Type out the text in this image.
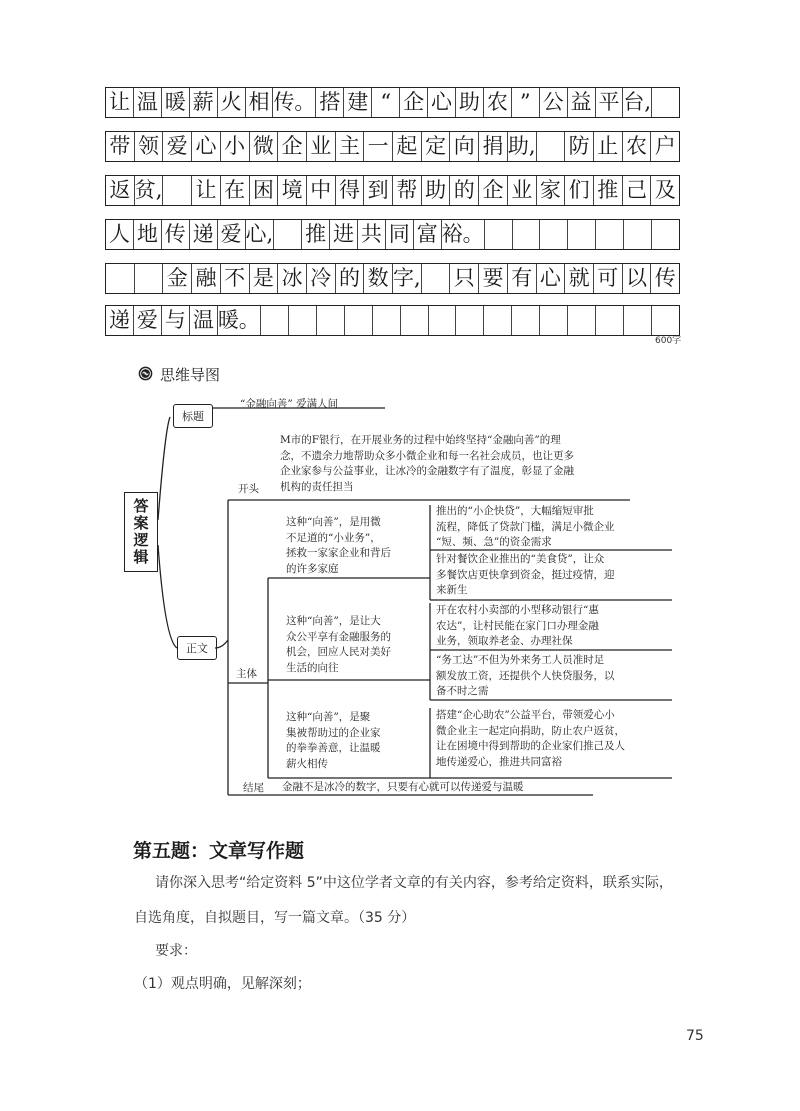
让 温 暖 薪 火 相 传。 搭 建 “ 企 心 助 农 ” 公 益 平 台,
带 领 爱 心 小 微 企 业 主 一 起 定 向 捐 助, 防 止 农 户
返 贫, 让 在 困 境 中 得 到 帮 助 的 企 业 家 们 推 己 及
人 地 传 递 爱 心, 推 进 共 同 富 裕。
金 融 不 是 冰 冷 的 数 字, 只 要 有 心 就 可 以 传
递 爱 与 温 暖。
600字
思维导图
答案逻辑
标题
“金融向善” 爱满人间
正文
开头
M市的F银行，在开展业务的过程中始终坚持“金融向善”的理
念，不遗余力地帮助众多小微企业和每一名社会成员，也让更多
企业家参与公益事业，让冰冷的金融数字有了温度，彰显了金融
机构的责任担当
主体
这种“向善”，是用微
不足道的“小业务”，
拯救一家家企业和背后
的许多家庭
推出的“小企快贷”，大幅缩短审批
流程，降低了贷款门槛，满足小微企业
“短、频、急”的资金需求
针对餐饮企业推出的“美食贷”，让众
多餐饮店更快拿到资金，挺过疫情，迎
来新生
这种“向善”，是让大
众公平享有金融服务的
机会，回应人民对美好
生活的向往
开在农村小卖部的小型移动银行“惠
农达”，让村民能在家门口办理金融
业务，领取养老金、办理社保
“务工达”不但为外来务工人员准时足
额发放工资，还提供个人快贷服务，以
备不时之需
这种“向善”，是聚
集被帮助过的企业家
的拳拳善意，让温暖
薪火相传
搭建“企心助农”公益平台，带领爱心小
微企业主一起定向捐助，防止农户返贫，
让在困境中得到帮助的企业家们推己及人
地传递爱心，推进共同富裕
结尾 金融不是冰冷的数字，只要有心就可以传递爱与温暖
第五题：文章写作题
请你深入思考“给定资料 5”中这位学者文章的有关内容，参考给定资料，联系实际，
自选角度，自拟题目，写一篇文章。（35 分）
要求：
（1）观点明确，见解深刻；
75
